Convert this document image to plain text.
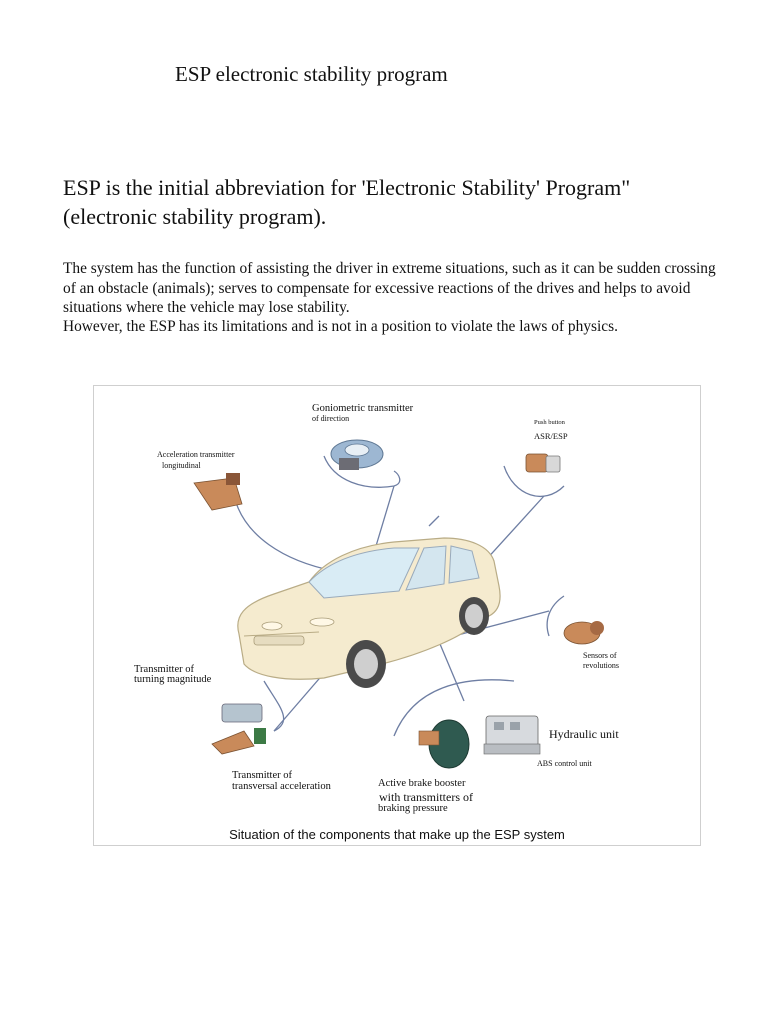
ESP electronic stability program
ESP is the initial abbreviation for 'Electronic Stability' Program" (electronic stability program).

The system has the function of assisting the driver in extreme situations, such as it can be sudden crossing of an obstacle (animals); serves to compensate for excessive reactions of the drives and helps to avoid situations where the vehicle may lose stability.

However, the ESP has its limitations and is not in a position to violate the laws of physics.

Goniometric transmitter
of direction	Push button
ASR/ESP
Acceleration transmitter
longitudinal
Sensors of
revolutions
Transmitter of
turning magnitude
Hydraulic unit
ABS control unit
Transmitter of
transversal acceleration	Active brake booster
with transmitters of
braking pressure
Situation of the components that make up the ESP system
